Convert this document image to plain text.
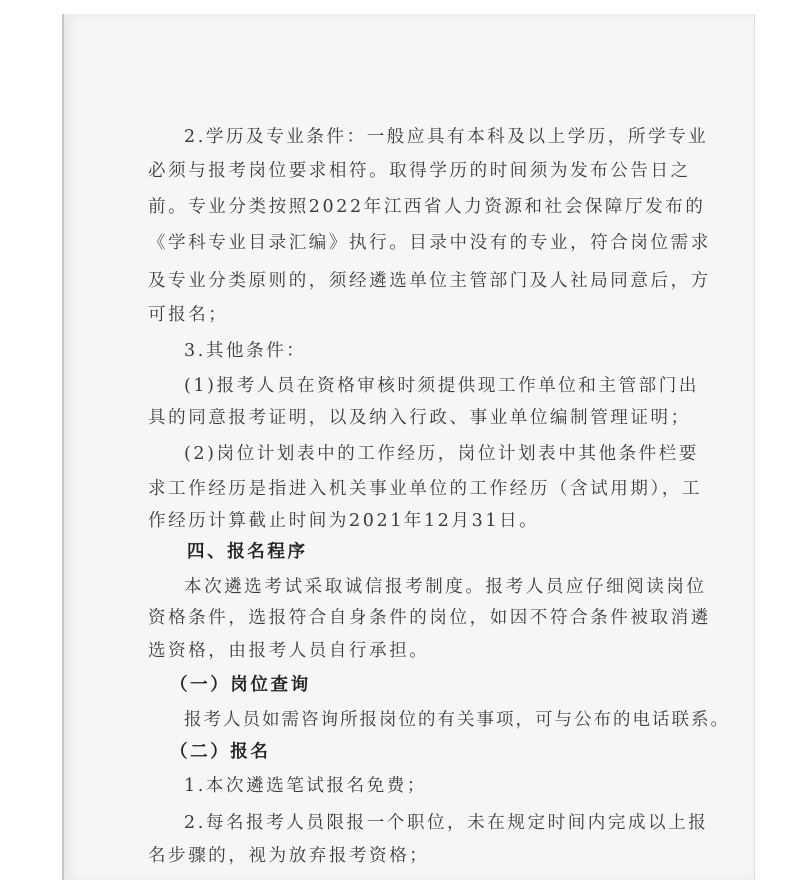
2.学历及专业条件：一般应具有本科及以上学历，所学专业

必须与报考岗位要求相符。取得学历的时间须为发布公告日之

前。专业分类按照2022年江西省人力资源和社会保障厅发布的

《学科专业目录汇编》执行。目录中没有的专业，符合岗位需求

及专业分类原则的，须经遴选单位主管部门及人社局同意后，方

可报名；

3.其他条件：

(1)报考人员在资格审核时须提供现工作单位和主管部门出

具的同意报考证明，以及纳入行政、事业单位编制管理证明；

(2)岗位计划表中的工作经历，岗位计划表中其他条件栏要

求工作经历是指进入机关事业单位的工作经历（含试用期），工

作经历计算截止时间为2021年12月31日。

四、报名程序

本次遴选考试采取诚信报考制度。报考人员应仔细阅读岗位

资格条件，选报符合自身条件的岗位，如因不符合条件被取消遴

选资格，由报考人员自行承担。

（一）岗位查询

报考人员如需咨询所报岗位的有关事项，可与公布的电话联系。

（二）报名

1.本次遴选笔试报名免费；

2.每名报考人员限报一个职位，未在规定时间内完成以上报

名步骤的，视为放弃报考资格；
